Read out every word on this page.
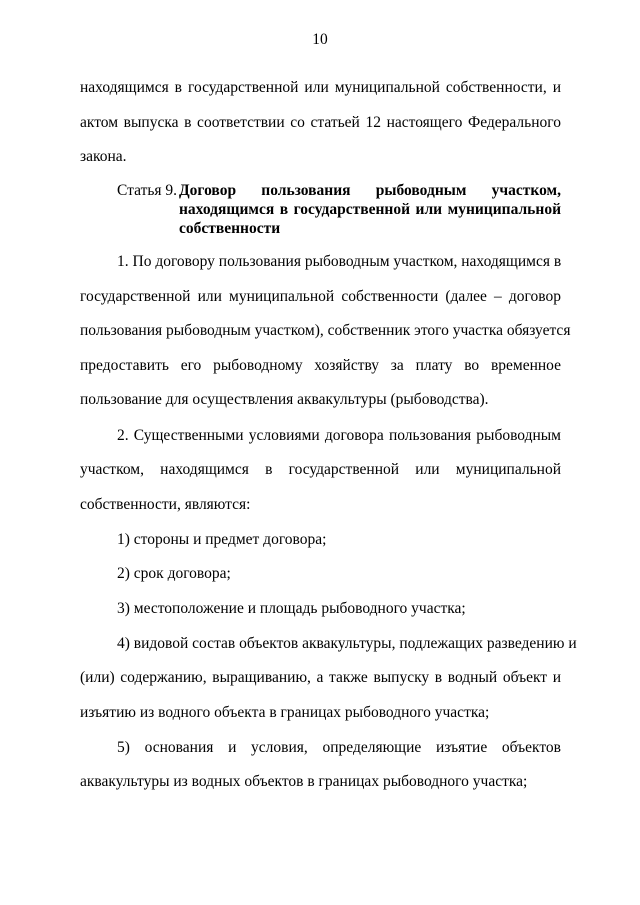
10
находящимся в государственной или муниципальной собственности, и
актом выпуска в соответствии со статьей 12 настоящего Федерального
закона.
Статья 9. Договор пользования рыбоводным участком,
находящимся в государственной или муниципальной
собственности
1. По договору пользования рыбоводным участком, находящимся в
государственной или муниципальной собственности (далее – договор
пользования рыбоводным участком), собственник этого участка обязуется
предоставить его рыбоводному хозяйству за плату во временное
пользование для осуществления аквакультуры (рыбоводства).
2. Существенными условиями договора пользования рыбоводным
участком, находящимся в государственной или муниципальной
собственности, являются:
1) стороны и предмет договора;
2) срок договора;
3) местоположение и площадь рыбоводного участка;
4) видовой состав объектов аквакультуры, подлежащих разведению и
(или) содержанию, выращиванию, а также выпуску в водный объект и
изъятию из водного объекта в границах рыбоводного участка;
5) основания и условия, определяющие изъятие объектов
аквакультуры из водных объектов в границах рыбоводного участка;
